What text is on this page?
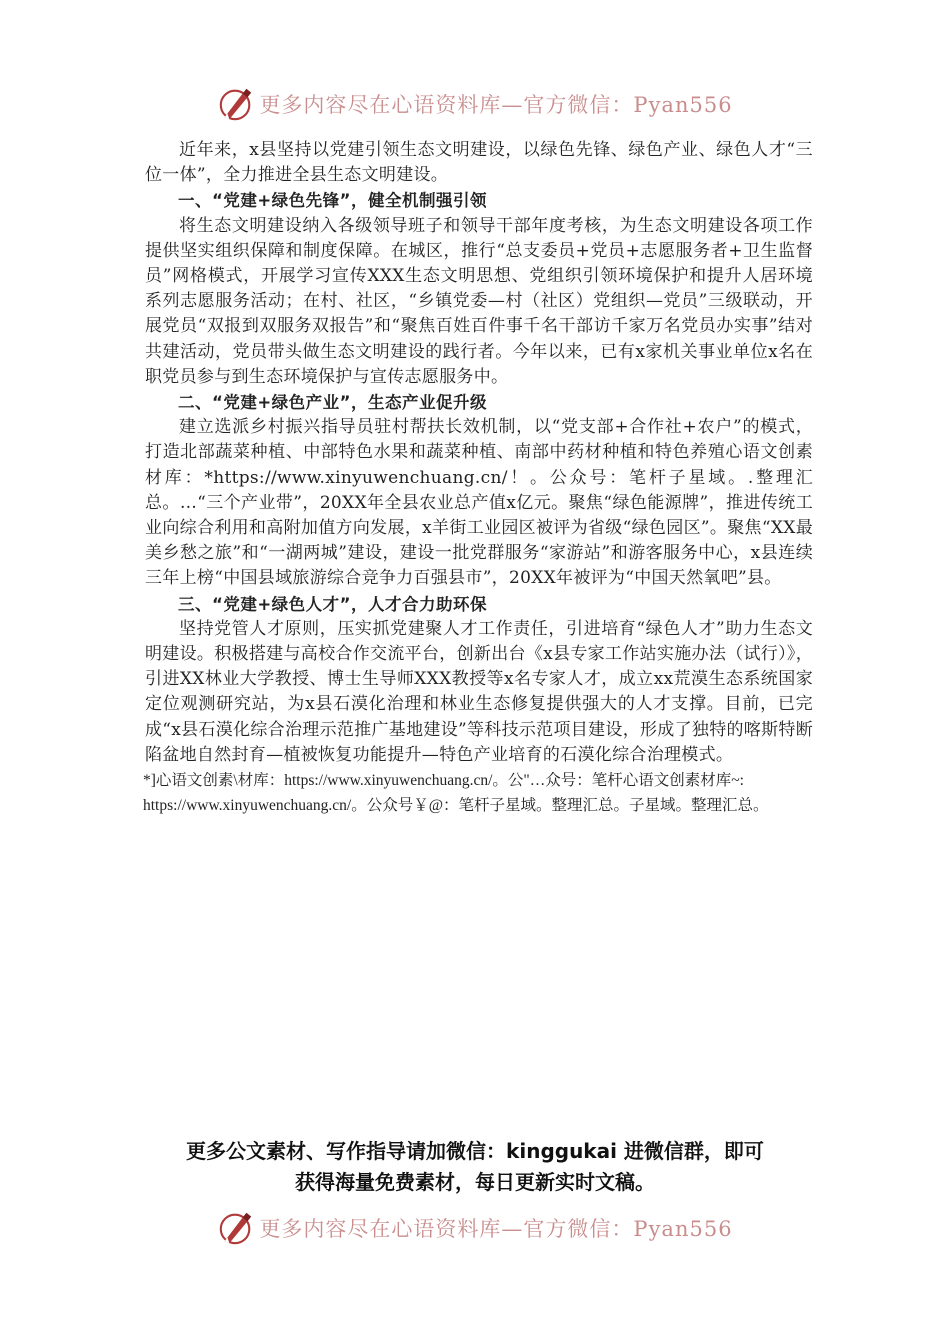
更多内容尽在心语资料库—官方微信：Pyan556

近年来，x县坚持以党建引领生态文明建设，以绿色先锋、绿色产业、绿色人才“三位一体”，全力推进全县生态文明建设。

一、“党建+绿色先锋”，健全机制强引领

将生态文明建设纳入各级领导班子和领导干部年度考核，为生态文明建设各项工作提供坚实组织保障和制度保障。在城区，推行“总支委员+党员+志愿服务者+卫生监督员”网格模式，开展学习宣传XXX生态文明思想、党组织引领环境保护和提升人居环境系列志愿服务活动；在村、社区，“乡镇党委—村（社区）党组织—党员”三级联动，开展党员“双报到双服务双报告”和“聚焦百姓百件事千名干部访千家万名党员办实事”结对共建活动，党员带头做生态文明建设的践行者。今年以来，已有x家机关事业单位x名在职党员参与到生态环境保护与宣传志愿服务中。

二、“党建+绿色产业”，生态产业促升级

建立选派乡村振兴指导员驻村帮扶长效机制，以“党支部+合作社+农户”的模式，打造北部蔬菜种植、中部特色水果和蔬菜种植、南部中药材种植和特色养殖心语文创素材库：*https://www.xinyuwenchuang.cn/！。公众号：笔杆子星域。.整理汇总。…“三个产业带”，20XX年全县农业总产值x亿元。聚焦“绿色能源牌”，推进传统工业向综合利用和高附加值方向发展，x羊街工业园区被评为省级“绿色园区”。聚焦“XX最美乡愁之旅”和“一湖两城”建设，建设一批党群服务“家游站”和游客服务中心，x县连续三年上榜“中国县域旅游综合竞争力百强县市”，20XX年被评为“中国天然氧吧”县。

三、“党建+绿色人才”，人才合力助环保

坚持党管人才原则，压实抓党建聚人才工作责任，引进培育“绿色人才”助力生态文明建设。积极搭建与高校合作交流平台，创新出台《x县专家工作站实施办法（试行）》，引进XX林业大学教授、博士生导师XXX教授等x名专家人才，成立xx荒漠生态系统国家定位观测研究站，为x县石漠化治理和林业生态修复提供强大的人才支撑。目前，已完成“x县石漠化综合治理示范推广基地建设”等科技示范项目建设，形成了独特的喀斯特断陷盆地自然封育—植被恢复功能提升—特色产业培育的石漠化综合治理模式。

*]心语文创素\材库：https://www.xinyuwenchuang.cn/。公"…众号：笔杆心语文创素材库~:

https://www.xinyuwenchuang.cn/。公众号￥@：笔杆子星域。整理汇总。子星域。整理汇总。

更多公文素材、写作指导请加微信：kinggukai 进微信群，即可
获得海量免费素材，每日更新实时文稿。
更多内容尽在心语资料库—官方微信：Pyan556
